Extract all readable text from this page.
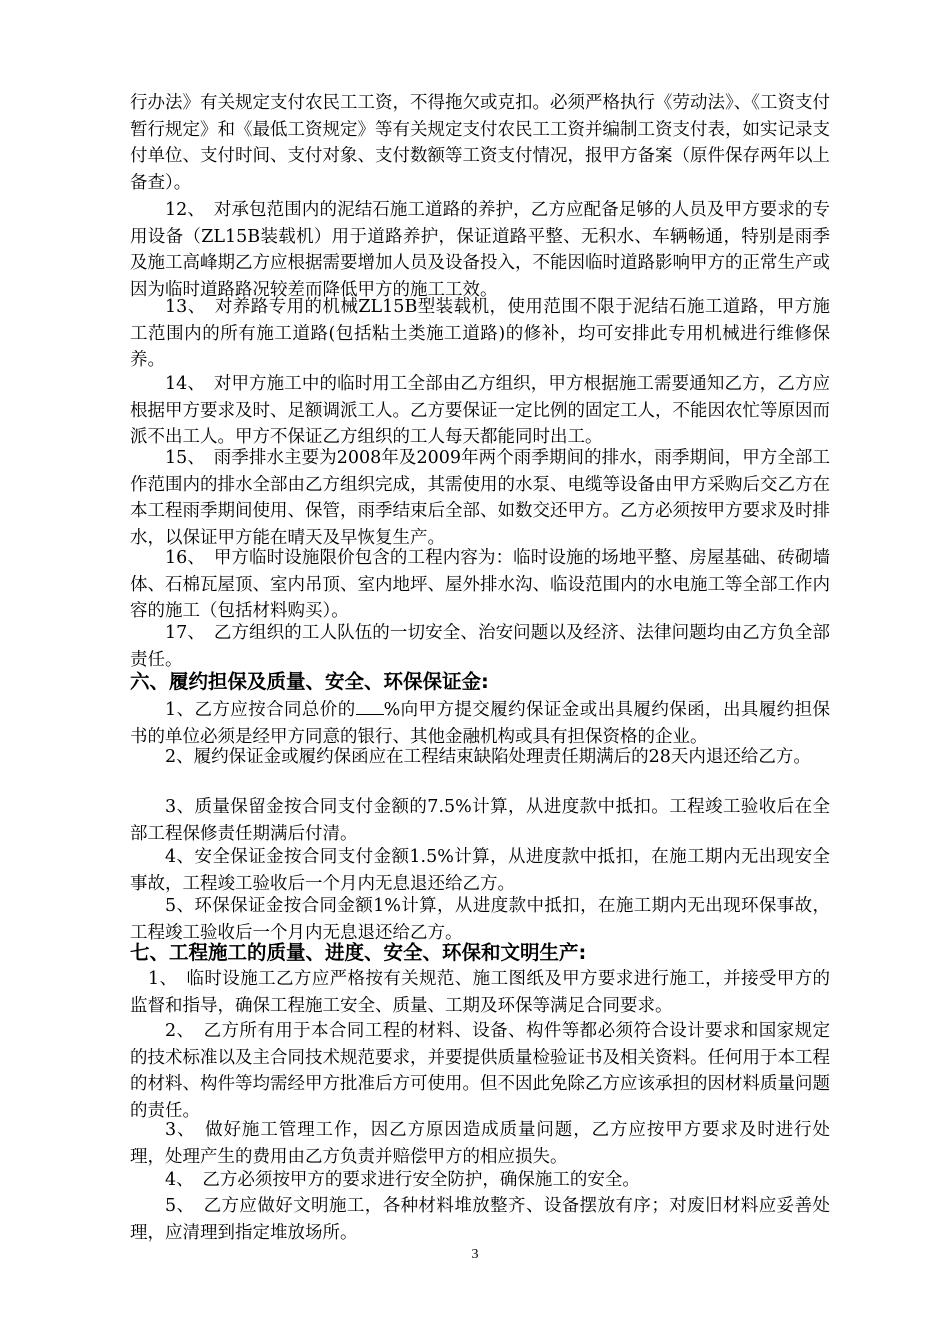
行办法》有关规定支付农民工工资，不得拖欠或克扣。必须严格执行《劳动法》、《工资支付暂行规定》和《最低工资规定》等有关规定支付农民工工资并编制工资支付表，如实记录支付单位、支付时间、支付对象、支付数额等工资支付情况，报甲方备案（原件保存两年以上备查）。

12、　对承包范围内的泥结石施工道路的养护，乙方应配备足够的人员及甲方要求的专用设备（ZL15B装载机）用于道路养护，保证道路平整、无积水、车辆畅通，特别是雨季及施工高峰期乙方应根据需要增加人员及设备投入，不能因临时道路影响甲方的正常生产或因为临时道路路况较差而降低甲方的施工工效。

13、　对养路专用的机械ZL15B型装载机，使用范围不限于泥结石施工道路，甲方施工范围内的所有施工道路(包括粘土类施工道路)的修补，均可安排此专用机械进行维修保养。

14、　对甲方施工中的临时用工全部由乙方组织，甲方根据施工需要通知乙方，乙方应根据甲方要求及时、足额调派工人。乙方要保证一定比例的固定工人，不能因农忙等原因而派不出工人。甲方不保证乙方组织的工人每天都能同时出工。

15、　雨季排水主要为2008年及2009年两个雨季期间的排水，雨季期间，甲方全部工作范围内的排水全部由乙方组织完成，其需使用的水泵、电缆等设备由甲方采购后交乙方在本工程雨季期间使用、保管，雨季结束后全部、如数交还甲方。乙方必须按甲方要求及时排水，以保证甲方能在晴天及早恢复生产。

16、　甲方临时设施限价包含的工程内容为：临时设施的场地平整、房屋基础、砖砌墙体、石棉瓦屋顶、室内吊顶、室内地坪、屋外排水沟、临设范围内的水电施工等全部工作内容的施工（包括材料购买）。

17、　乙方组织的工人队伍的一切安全、治安问题以及经济、法律问题均由乙方负全部责任。

六、履约担保及质量、安全、环保保证金:

1、乙方应按合同总价的 %向甲方提交履约保证金或出具履约保函，出具履约担保书的单位必须是经甲方同意的银行、其他金融机构或具有担保资格的企业。

2、履约保证金或履约保函应在工程结束缺陷处理责任期满后的28天内退还给乙方。

3、质量保留金按合同支付金额的7.5%计算，从进度款中抵扣。工程竣工验收后在全部工程保修责任期满后付清。

4、安全保证金按合同支付金额1.5%计算，从进度款中抵扣，在施工期内无出现安全事故，工程竣工验收后一个月内无息退还给乙方。

5、环保保证金按合同金额1%计算，从进度款中抵扣，在施工期内无出现环保事故，工程竣工验收后一个月内无息退还给乙方。

七、工程施工的质量、进度、安全、环保和文明生产:

1、　临时设施工乙方应严格按有关规范、施工图纸及甲方要求进行施工，并接受甲方的监督和指导，确保工程施工安全、质量、工期及环保等满足合同要求。

2、　乙方所有用于本合同工程的材料、设备、构件等都必须符合设计要求和国家规定的技术标准以及主合同技术规范要求，并要提供质量检验证书及相关资料。任何用于本工程的材料、构件等均需经甲方批准后方可使用。但不因此免除乙方应该承担的因材料质量问题的责任。

3、　做好施工管理工作，因乙方原因造成质量问题，乙方应按甲方要求及时进行处理，处理产生的费用由乙方负责并赔偿甲方的相应损失。

4、　乙方必须按甲方的要求进行安全防护，确保施工的安全。

5、　乙方应做好文明施工，各种材料堆放整齐、设备摆放有序；对废旧材料应妥善处理，应清理到指定堆放场所。

3
